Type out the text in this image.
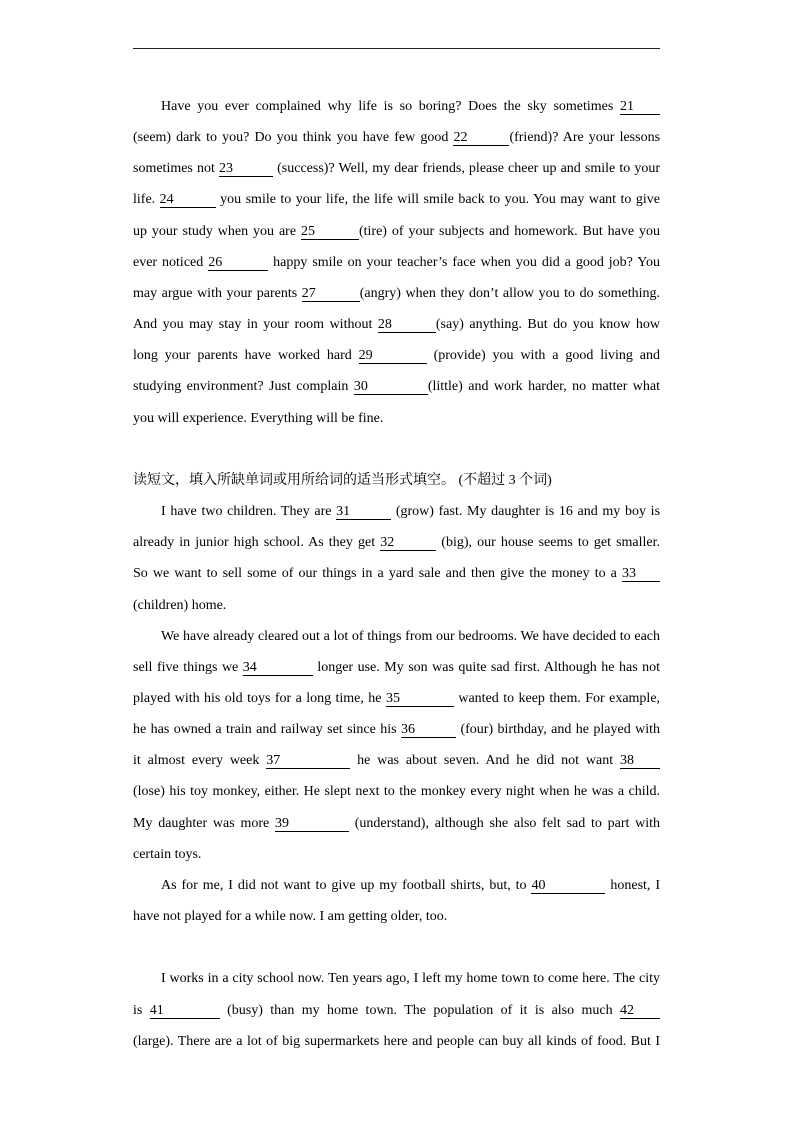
Have you ever complained why life is so boring? Does the sky sometimes 21
(seem) dark to you? Do you think you have few good 22	(friend)? Are your lessons
sometimes not 23	(success)? Well, my dear friends, please cheer up and smile to your
life. 24	you smile to your life, the life will smile back to you. You may want to give
up your study when you are 25	(tire) of your subjects and homework. But have you
ever noticed 26	happy smile on your teacher’s face when you did a good job? You
may argue with your parents 27	(angry) when they don’t allow you to do something.
And you may stay in your room without 28	(say) anything. But do you know how
long your parents have worked hard 29	(provide) you with a good living and
studying environment? Just complain 30	(little) and work harder, no matter what
you will experience. Everything will be fine.
读短文，填入所缺单词或用所给词的适当形式填空。 (不超过 3 个词)
I have two children. They are 31	(grow) fast. My daughter is 16 and my boy is
already in junior high school. As they get 32	(big), our house seems to get smaller.
So we want to sell some of our things in a yard sale and then give the money to a 33
(children) home.
We have already cleared out a lot of things from our bedrooms. We have decided to each
sell five things we 34	longer use. My son was quite sad first. Although he has not
played with his old toys for a long time, he 35	wanted to keep them. For example,
he has owned a train and railway set since his 36	(four) birthday, and he played with
it almost every week 37	he was about seven. And he did not want 38
(lose) his toy monkey, either. He slept next to the monkey every night when he was a child.
My daughter was more 39	(understand), although she also felt sad to part with
certain toys.
As for me, I did not want to give up my football shirts, but, to 40	honest, I
have not played for a while now. I am getting older, too.
I works in a city school now. Ten years ago, I left my home town to come here. The city
is 41	(busy) than my home town. The population of it is also much 42
(large). There are a lot of big supermarkets here and people can buy all kinds of food. But I
